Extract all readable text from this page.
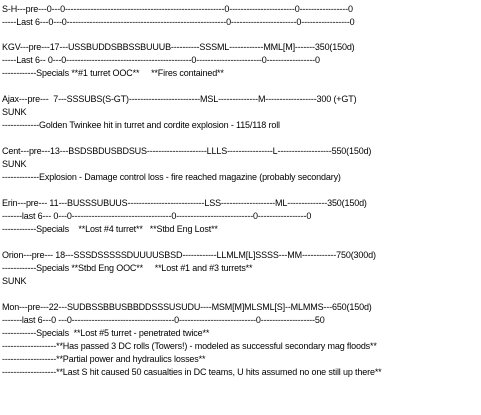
S-H---pre---0---0--------------------------------------------------------0-----------------------0-----------------0
-----Last 6---0---0--------------------------------------------------------0-----------------------0-----------------0
KGV---pre---17---USSBUDDSBBSSBUUUB----------SSSML------------MML[M]-------350(150d)
-----Last 6-- 0---0--------------------------------------------0-----------------------0-----------------0
------------Specials **#1 turret OOC**     **Fires contained**
Ajax---pre---  7---SSSUBS(S-GT)-------------------------MSL--------------M------------------300 (+GT)
SUNK
-------------Golden Twinkee hit in turret and cordite explosion - 115/118 roll
Cent---pre---13---BSDSBDUSBDSUS---------------------LLLS----------------L-------------------550(150d)
SUNK
-------------Explosion - Damage control loss - fire reached magazine (probably secondary)
Erin---pre--- 11---BUSSSUBUUS---------------------------LSS-------------------ML--------------350(150d)
-------last 6--- 0---0-----------------------------------0---------------------------0-----------------0
------------Specials    **Lost #4 turret**   **Stbd Eng Lost**
Orion---pre--- 18---SSSDSSSSSDUUUUSBSD------------LLMLM[L]SSSS---MM------------750(300d)
------------Specials **Stbd Eng OOC**     **Lost #1 and #3 turrets**
SUNK
Mon---pre---22---SUDBSSBBUSBBDDSSSUSUDU----MSM[M]MLSML[S]--MLMMS---650(150d)
-------last 6---0 ---0------------------------------------0---------------------------0-------------------50
------------Specials  **Lost #5 turret - penetrated twice**
-------------------**Has passed 3 DC rolls (Towers!) - modeled as successful secondary mag floods**
-------------------**Partial power and hydraulics losses**
-------------------**Last S hit caused 50 casualties in DC teams, U hits assumed no one still up there**
